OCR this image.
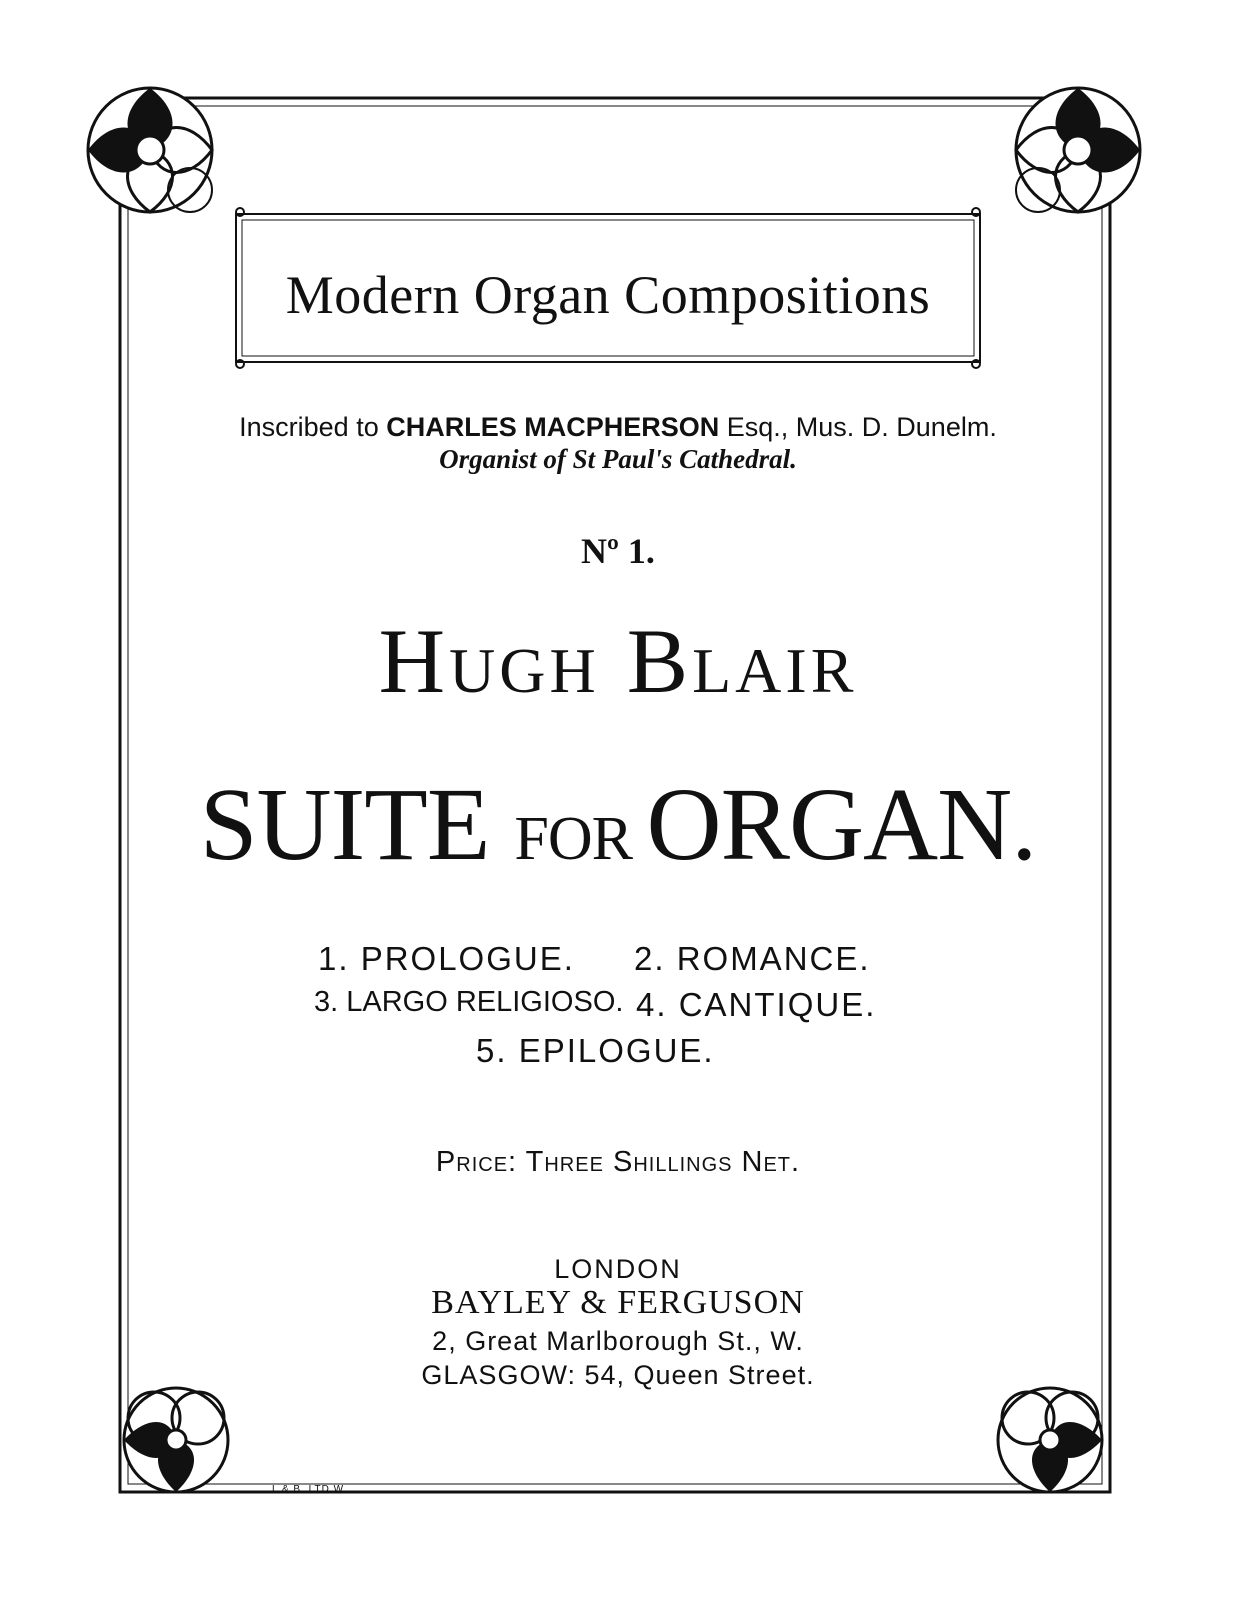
Modern Organ Compositions
Inscribed to CHARLES MACPHERSON Esq., Mus. D. Dunelm.
Organist of St Paul's Cathedral.
Nº 1.
Hugh Blair
SUITE FOR ORGAN.
1. PROLOGUE. 2. ROMANCE.
3. LARGO RELIGIOSO. 4. CANTIQUE.
5. EPILOGUE.
Price: Three Shillings Net.
LONDON
BAYLEY & FERGUSON
2, Great Marlborough St., W.
GLASGOW: 54, Queen Street.
L & B. LTD W.
